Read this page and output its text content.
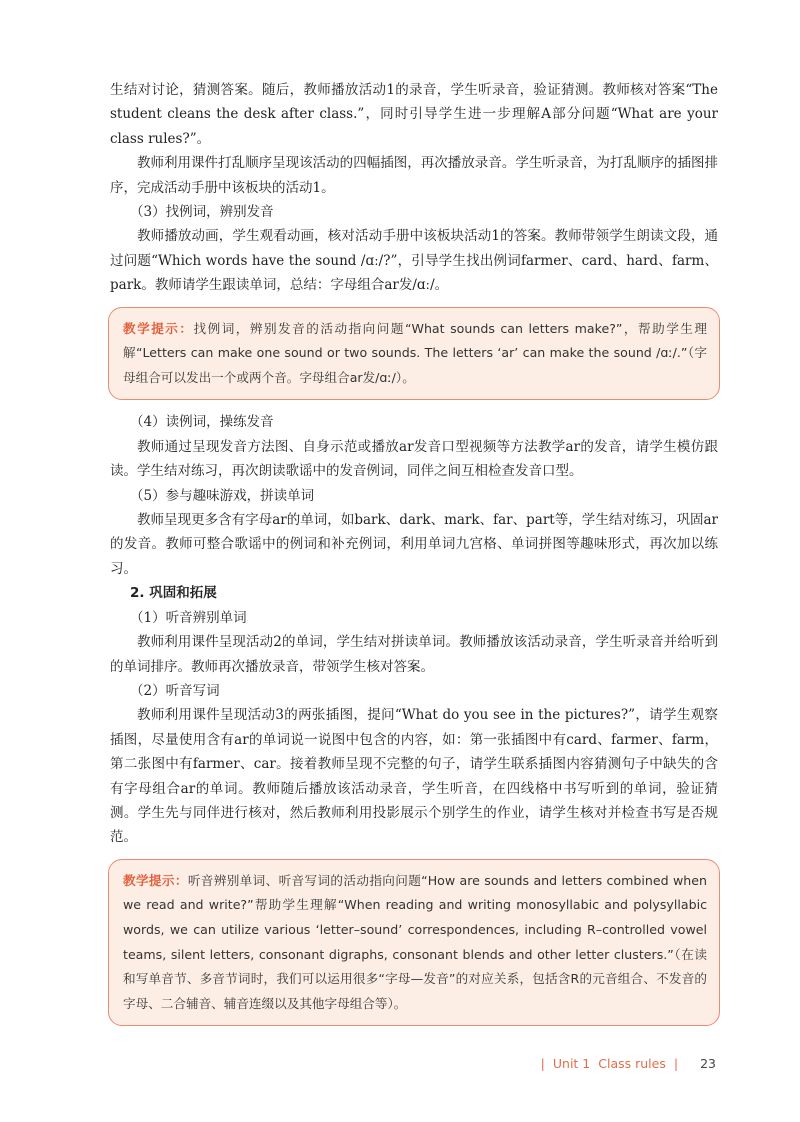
生结对讨论，猜测答案。随后，教师播放活动1的录音，学生听录音，验证猜测。教师核对答案“The student cleans the desk after class.”，同时引导学生进一步理解A部分问题“What are your class rules?”。

教师利用课件打乱顺序呈现该活动的四幅插图，再次播放录音。学生听录音，为打乱顺序的插图排序，完成活动手册中该板块的活动1。

（3）找例词，辨别发音

教师播放动画，学生观看动画，核对活动手册中该板块活动1的答案。教师带领学生朗读文段，通过问题“Which words have the sound /ɑː/?”，引导学生找出例词farmer、card、hard、farm、park。教师请学生跟读单词，总结：字母组合ar发/ɑː/。

教学提示：找例词，辨别发音的活动指向问题“What sounds can letters make?”，帮助学生理解“Letters can make one sound or two sounds. The letters ‘ar’ can make the sound /ɑː/.”（字母组合可以发出一个或两个音。字母组合ar发/ɑː/）。

（4）读例词，操练发音

教师通过呈现发音方法图、自身示范或播放ar发音口型视频等方法教学ar的发音，请学生模仿跟读。学生结对练习，再次朗读歌谣中的发音例词，同伴之间互相检查发音口型。

（5）参与趣味游戏，拼读单词

教师呈现更多含有字母ar的单词，如bark、dark、mark、far、part等，学生结对练习，巩固ar的发音。教师可整合歌谣中的例词和补充例词，利用单词九宫格、单词拼图等趣味形式，再次加以练习。

2. 巩固和拓展

（1）听音辨别单词

教师利用课件呈现活动2的单词，学生结对拼读单词。教师播放该活动录音，学生听录音并给听到的单词排序。教师再次播放录音，带领学生核对答案。

（2）听音写词

教师利用课件呈现活动3的两张插图，提问“What do you see in the pictures?”，请学生观察插图，尽量使用含有ar的单词说一说图中包含的内容，如：第一张插图中有card、farmer、farm，第二张图中有farmer、car。接着教师呈现不完整的句子，请学生联系插图内容猜测句子中缺失的含有字母组合ar的单词。教师随后播放该活动录音，学生听音，在四线格中书写听到的单词，验证猜测。学生先与同伴进行核对，然后教师利用投影展示个别学生的作业，请学生核对并检查书写是否规范。

教学提示：听音辨别单词、听音写词的活动指向问题“How are sounds and letters combined when we read and write?”帮助学生理解“When reading and writing monosyllabic and polysyllabic words, we can utilize various ‘letter–sound’ correspondences, including R–controlled vowel teams, silent letters, consonant digraphs, consonant blends and other letter clusters.”（在读和写单音节、多音节词时，我们可以运用很多“字母—发音”的对应关系，包括含R的元音组合、不发音的字母、二合辅音、辅音连缀以及其他字母组合等）。

| Unit 1 Class rules | 23
